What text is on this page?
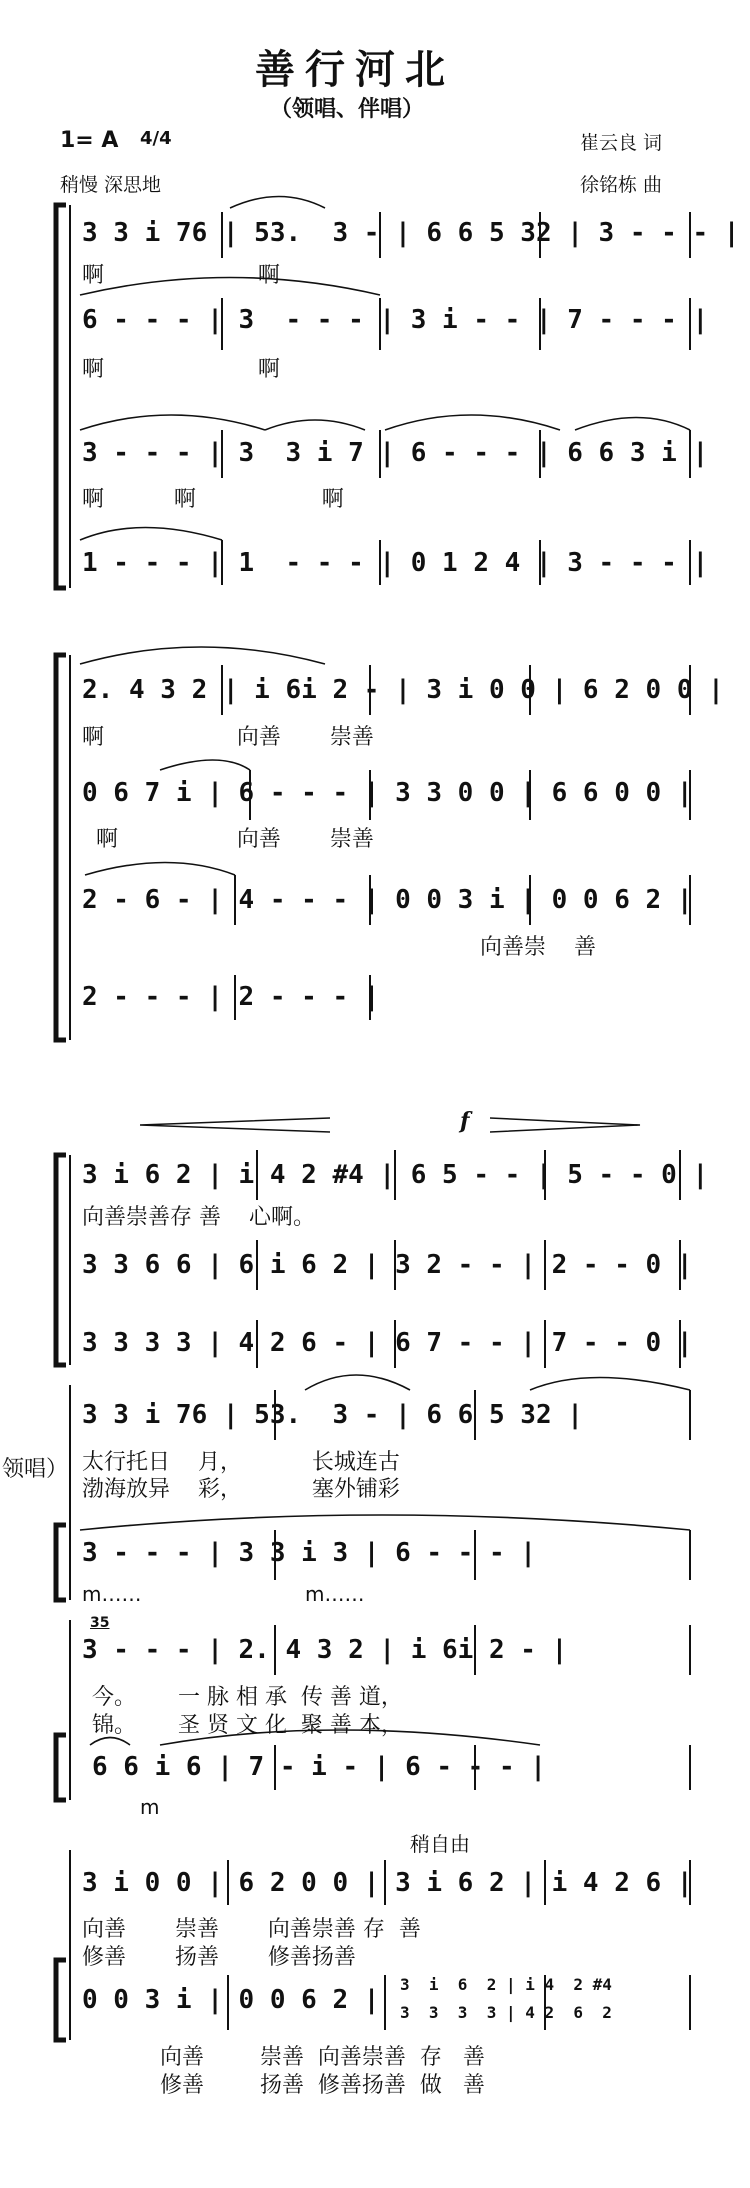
善行河北
（领唱、伴唱）
1= A 4/4
稍慢 深思地
崔云良 词
徐铭栋 曲
3 3 i 76 | 53.  3 - | 6 6 5 32 | 3 - - - |
啊                      啊
6 - - - | 3  - - - | 3 i - - | 7 - - - |
啊                      啊
3 - - - | 3  3 i 7 | 6 - - - | 6 6 3 i |
啊          啊                  啊
1 - - - | 1  - - - | 0 1 2 4 | 3 - - - |
2. 4 3 2 | i 6i 2 - | 3 i 0 0 | 6 2 0 0 |
啊                   向善       崇善
0 6 7 i | 6 - - - | 3 3 0 0 | 6 6 0 0 |
啊                 向善       崇善
2 - 6 - | 4 - - - | 0 0 3 i | 0 0 6 2 |
向善崇    善
2 - - - | 2 - - - |
f
3 i 6 2 | i 4 2 #4 | 6 5 - - | 5 - - 0 |
向善崇善存 善    心啊。
3 3 6 6 | 6 i 6 2 | 3 2 - - | 2 - - 0 |
3 3 3 3 | 4 2 6 - | 6 7 - - | 7 - - 0 |
领唱）
3 3 i 76 | 53.  3 - | 6 6 5 32 |
太行托日    月，          长城连古
渤海放异    彩，          塞外铺彩
3 - - - | 3 3 i 3 | 6 - - - |
m……	m……
35
3 - - - | 2. 4 3 2 | i 6i 2 - |
今。      一 脉 相 承  传 善 道，
锦。      圣 贤 文 化  聚 善 本，
6 6 i 6 | 7 - i - | 6 - - - |
m
稍自由
3 i 0 0 | 6 2 0 0 | 3 i 6 2 | i 4 2 6 |
向善       崇善       向善崇善 存  善
修善       扬善       修善扬善
0 0 3 i | 0 0 6 2 |
3  i  6  2 | i 4  2 #4
3  3  3  3 | 4 2  6  2
向善        崇善  向善崇善  存   善
修善        扬善  修善扬善  做   善
